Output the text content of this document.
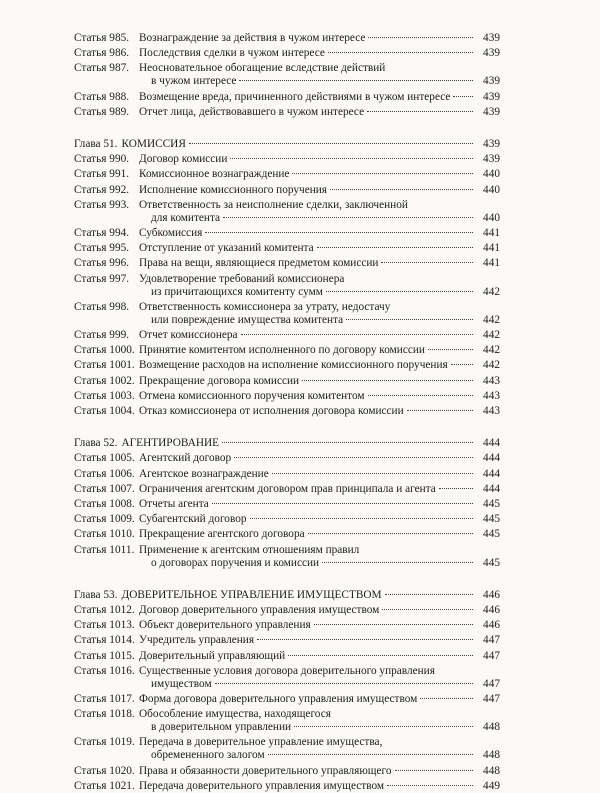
Статья 985. Вознаграждение за действия в чужом интересе	439
Статья 986. Последствия сделки в чужом интересе	439
Статья 987. Неосновательное обогащение вследствие действий
в чужом интересе	439
Статья 988. Возмещение вреда, причиненного действиями в чужом интересе	439
Статья 989. Отчет лица, действовавшего в чужом интересе	439
Глава 51. КОМИССИЯ	439
Статья 990. Договор комиссии	439
Статья 991. Комиссионное вознаграждение	440
Статья 992. Исполнение комиссионного поручения	440
Статья 993. Ответственность за неисполнение сделки, заключенной
для комитента	440
Статья 994. Субкомиссия	441
Статья 995. Отступление от указаний комитента	441
Статья 996. Права на вещи, являющиеся предметом комиссии	441
Статья 997. Удовлетворение требований комиссионера
из причитающихся комитенту сумм	442
Статья 998. Ответственность комиссионера за утрату, недостачу
или повреждение имущества комитента	442
Статья 999. Отчет комиссионера	442
Статья 1000. Принятие комитентом исполненного по договору комиссии	442
Статья 1001. Возмещение расходов на исполнение комиссионного поручения	442
Статья 1002. Прекращение договора комиссии	443
Статья 1003. Отмена комиссионного поручения комитентом	443
Статья 1004. Отказ комиссионера от исполнения договора комиссии	443
Глава 52. АГЕНТИРОВАНИЕ	444
Статья 1005. Агентский договор	444
Статья 1006. Агентское вознаграждение	444
Статья 1007. Ограничения агентским договором прав принципала и агента	444
Статья 1008. Отчеты агента	445
Статья 1009. Субагентский договор	445
Статья 1010. Прекращение агентского договора	445
Статья 1011. Применение к агентским отношениям правил
о договорах поручения и комиссии	445
Глава 53. ДОВЕРИТЕЛЬНОЕ УПРАВЛЕНИЕ ИМУЩЕСТВОМ	446
Статья 1012. Договор доверительного управления имуществом	446
Статья 1013. Объект доверительного управления	446
Статья 1014. Учредитель управления	447
Статья 1015. Доверительный управляющий	447
Статья 1016. Существенные условия договора доверительного управления
имуществом	447
Статья 1017. Форма договора доверительного управления имуществом	447
Статья 1018. Обособление имущества, находящегося
в доверительном управлении	448
Статья 1019. Передача в доверительное управление имущества,
обремененного залогом	448
Статья 1020. Права и обязанности доверительного управляющего	448
Статья 1021. Передача доверительного управления имуществом	449
